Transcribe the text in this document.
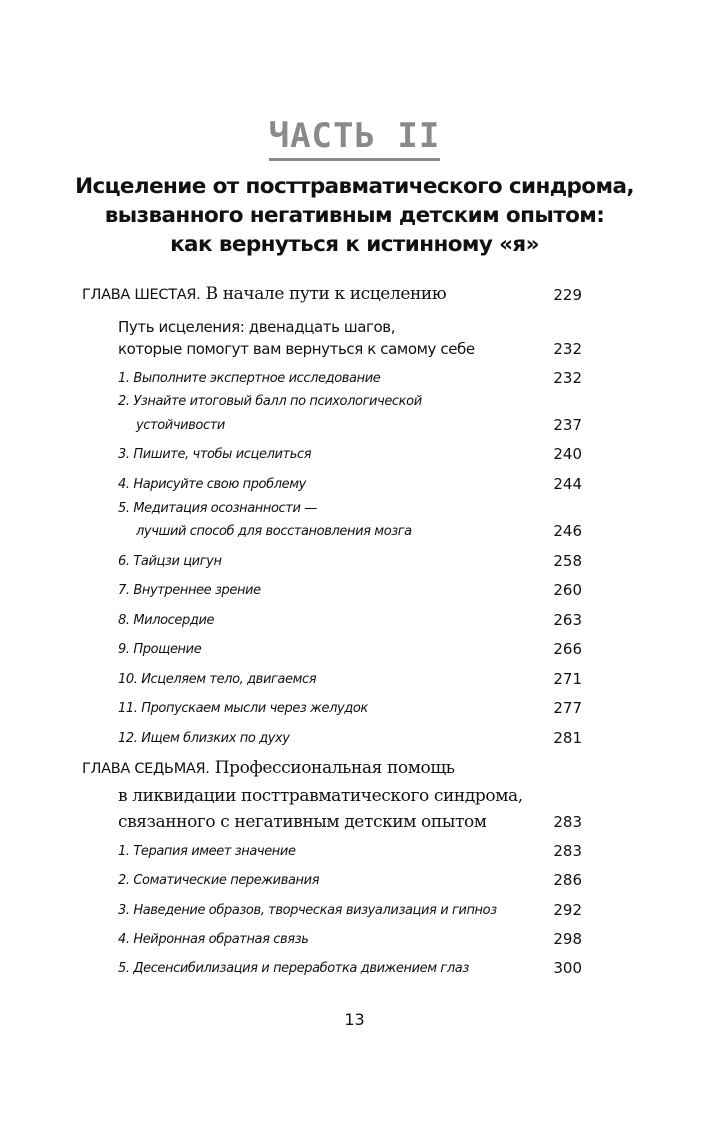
ЧАСТЬ II
Исцеление от посттравматического синдрома,
вызванного негативным детским опытом:
как вернуться к истинному «я»
ГЛАВА ШЕСТАЯ. В начале пути к исцелению	229
Путь исцеления: двенадцать шагов,
которые помогут вам вернуться к самому себе	232
1. Выполните экспертное исследование	232
2. Узнайте итоговый балл по психологической
устойчивости	237
3. Пишите, чтобы исцелиться	240
4. Нарисуйте свою проблему	244
5. Медитация осознанности —
лучший способ для восстановления мозга	246
6. Тайцзи цигун	258
7. Внутреннее зрение	260
8. Милосердие	263
9. Прощение	266
10. Исцеляем тело, двигаемся	271
11. Пропускаем мысли через желудок	277
12. Ищем близких по духу	281
ГЛАВА СЕДЬМАЯ. Профессиональная помощь
в ликвидации посттравматического синдрома,
связанного с негативным детским опытом	283
1. Терапия имеет значение	283
2. Соматические переживания	286
3. Наведение образов, творческая визуализация и гипноз	292
4. Нейронная обратная связь	298
5. Десенсибилизация и переработка движением глаз	300
13
